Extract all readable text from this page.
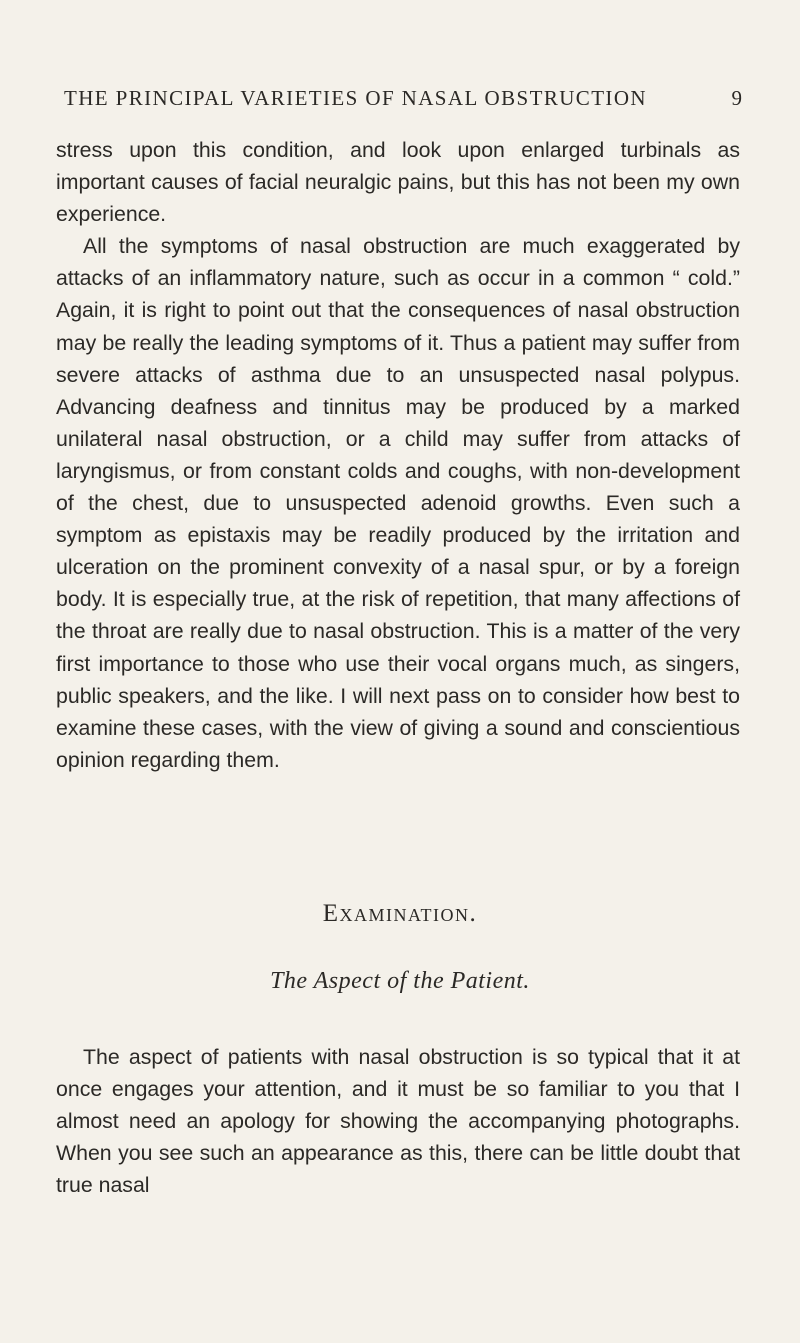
THE PRINCIPAL VARIETIES OF NASAL OBSTRUCTION	9

stress upon this condition, and look upon enlarged turbinals as important causes of facial neuralgic pains, but this has not been my own experience.

All the symptoms of nasal obstruction are much exaggerated by attacks of an inflammatory nature, such as occur in a common “ cold.” Again, it is right to point out that the consequences of nasal obstruction may be really the leading symptoms of it. Thus a patient may suffer from severe attacks of asthma due to an unsuspected nasal polypus. Advancing deafness and tinnitus may be produced by a marked unilateral nasal obstruction, or a child may suffer from attacks of laryngismus, or from constant colds and coughs, with non-development of the chest, due to unsuspected adenoid growths. Even such a symptom as epistaxis may be readily produced by the irritation and ulceration on the prominent convexity of a nasal spur, or by a foreign body. It is especially true, at the risk of repetition, that many affections of the throat are really due to nasal obstruction. This is a matter of the very first importance to those who use their vocal organs much, as singers, public speakers, and the like. I will next pass on to consider how best to examine these cases, with the view of giving a sound and conscientious opinion regarding them.

Examination.
The Aspect of the Patient.

The aspect of patients with nasal obstruction is so typical that it at once engages your attention, and it must be so familiar to you that I almost need an apology for showing the accompanying photographs. When you see such an appearance as this, there can be little doubt that true nasal
